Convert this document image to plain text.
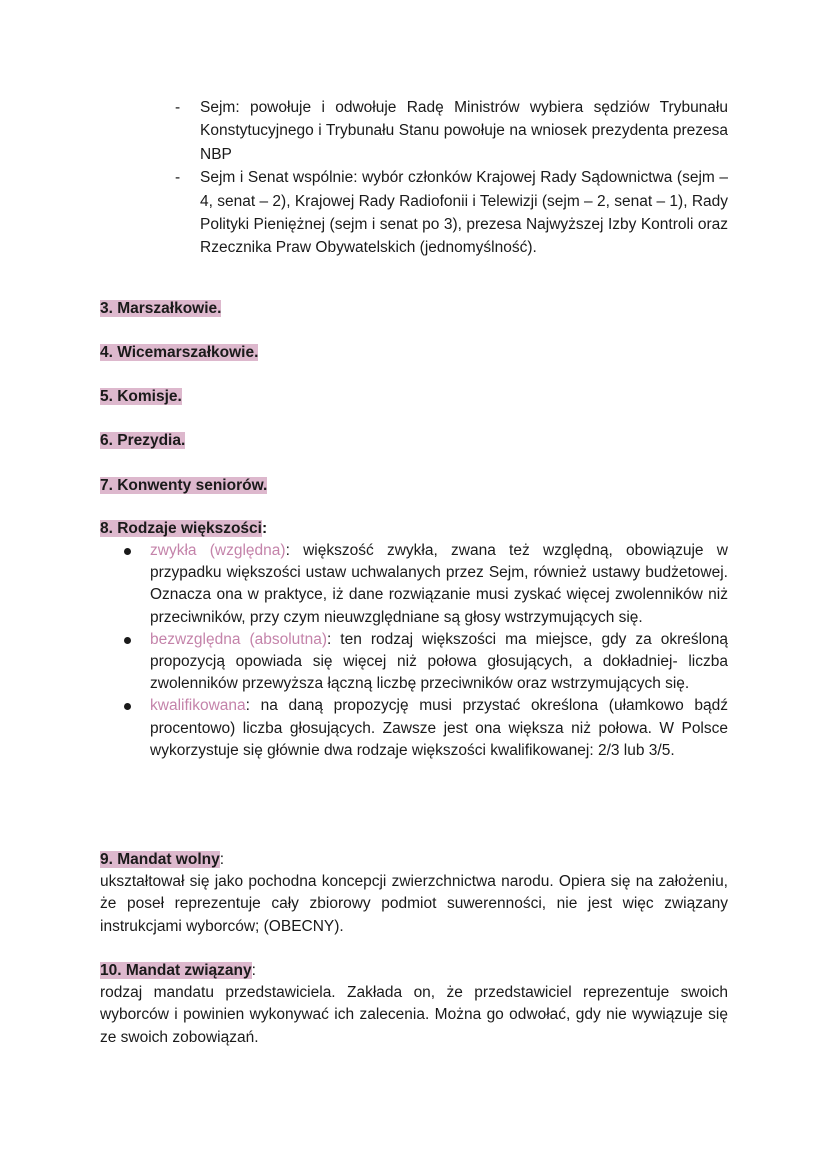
- Sejm: powołuje i odwołuje Radę Ministrów wybiera sędziów Trybunału Konstytucyjnego i Trybunału Stanu powołuje na wniosek prezydenta prezesa NBP
- Sejm i Senat wspólnie: wybór członków Krajowej Rady Sądownictwa (sejm – 4, senat – 2), Krajowej Rady Radiofonii i Telewizji (sejm – 2, senat – 1), Rady Polityki Pieniężnej (sejm i senat po 3), prezesa Najwyższej Izby Kontroli oraz Rzecznika Praw Obywatelskich (jednomyślność).

3. Marszałkowie.

4. Wicemarszałkowie.

5. Komisje.

6. Prezydia.

7. Konwenty seniorów.

8. Rodzaje większości:

zwykła (względna): większość zwykła, zwana też względną, obowiązuje w przypadku większości ustaw uchwalanych przez Sejm, również ustawy budżetowej. Oznacza ona w praktyce, iż dane rozwiązanie musi zyskać więcej zwolenników niż przeciwników, przy czym nieuwzględniane są głosy wstrzymujących się.
bezwzględna (absolutna): ten rodzaj większości ma miejsce, gdy za określoną propozycją opowiada się więcej niż połowa głosujących, a dokładniej- liczba zwolenników przewyższa łączną liczbę przeciwników oraz wstrzymujących się.
kwalifikowana: na daną propozycję musi przystać określona (ułamkowo bądź procentowo) liczba głosujących. Zawsze jest ona większa niż połowa. W Polsce wykorzystuje się głównie dwa rodzaje większości kwalifikowanej: 2/3 lub 3/5.

9. Mandat wolny:

ukształtował się jako pochodna koncepcji zwierzchnictwa narodu. Opiera się na założeniu, że poseł reprezentuje cały zbiorowy podmiot suwerenności, nie jest więc związany instrukcjami wyborców; (OBECNY).

10. Mandat związany:

rodzaj mandatu przedstawiciela. Zakłada on, że przedstawiciel reprezentuje swoich wyborców i powinien wykonywać ich zalecenia. Można go odwołać, gdy nie wywiązuje się ze swoich zobowiązań.
